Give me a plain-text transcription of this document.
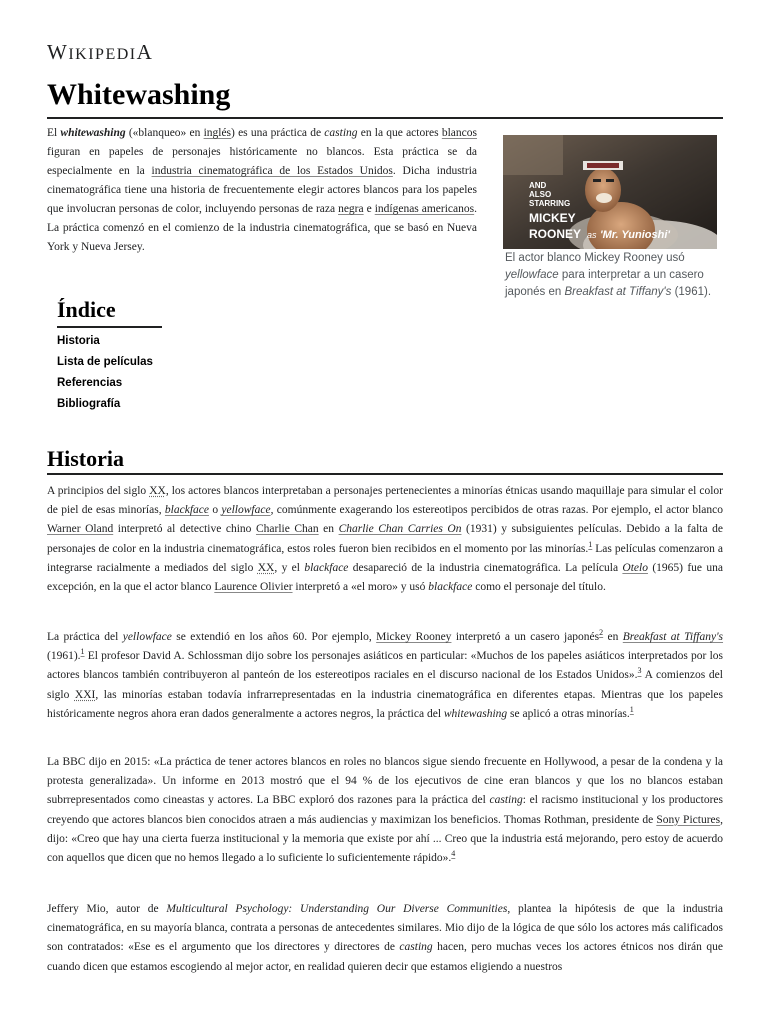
WIKIPEDIA
Whitewashing

El whitewashing («blanqueo» en inglés) es una práctica de casting en la que actores blancos figuran en papeles de personajes históricamente no blancos. Esta práctica se da especialmente en la industria cinematográfica de los Estados Unidos. Dicha industria cinematográfica tiene una historia de frecuentemente elegir actores blancos para los papeles que involucran personas de color, incluyendo personas de raza negra e indígenas americanos. La práctica comenzó en el comienzo de la industria cinematográfica, que se basó en Nueva York y Nueva Jersey.

AND
ALSO
STARRING
MICKEY
ROONEY as 'Mr. Yunioshi'

El actor blanco Mickey Rooney usó yellowface para interpretar a un casero japonés en Breakfast at Tiffany's (1961).

Índice
Historia
Lista de películas
Referencias
Bibliografía
Historia

A principios del siglo XX, los actores blancos interpretaban a personajes pertenecientes a minorías étnicas usando maquillaje para simular el color de piel de esas minorías, blackface o yellowface, comúnmente exagerando los estereotipos percibidos de otras razas. Por ejemplo, el actor blanco Warner Oland interpretó al detective chino Charlie Chan en Charlie Chan Carries On (1931) y subsiguientes películas. Debido a la falta de personajes de color en la industria cinematográfica, estos roles fueron bien recibidos en el momento por las minorías.$^1$ Las películas comenzaron a integrarse racialmente a mediados del siglo XX, y el blackface desapareció de la industria cinematográfica. La película Otelo (1965) fue una excepción, en la que el actor blanco Laurence Olivier interpretó a «el moro» y usó blackface como el personaje del título.

La práctica del yellowface se extendió en los años 60. Por ejemplo, Mickey Rooney interpretó a un casero japonés$^2$ en Breakfast at Tiffany's (1961).$^1$ El profesor David A. Schlossman dijo sobre los personajes asiáticos en particular: «Muchos de los papeles asiáticos interpretados por los actores blancos también contribuyeron al panteón de los estereotipos raciales en el discurso nacional de los Estados Unidos».$^3$ A comienzos del siglo XXI, las minorías estaban todavía infrarrepresentadas en la industria cinematográfica en diferentes etapas. Mientras que los papeles históricamente negros ahora eran dados generalmente a actores negros, la práctica del whitewashing se aplicó a otras minorías.$^1$

La BBC dijo en 2015: «La práctica de tener actores blancos en roles no blancos sigue siendo frecuente en Hollywood, a pesar de la condena y la protesta generalizada». Un informe en 2013 mostró que el 94 % de los ejecutivos de cine eran blancos y que los no blancos estaban subrrepresentados como cineastas y actores. La BBC exploró dos razones para la práctica del casting: el racismo institucional y los productores creyendo que actores blancos bien conocidos atraen a más audiencias y maximizan los beneficios. Thomas Rothman, presidente de Sony Pictures, dijo: «Creo que hay una cierta fuerza institucional y la memoria que existe por ahí ... Creo que la industria está mejorando, pero estoy de acuerdo con aquellos que dicen que no hemos llegado a lo suficiente lo suficientemente rápido».$^4$

Jeffery Mio, autor de Multicultural Psychology: Understanding Our Diverse Communities, plantea la hipótesis de que la industria cinematográfica, en su mayoría blanca, contrata a personas de antecedentes similares. Mio dijo de la lógica de que sólo los actores más calificados son contratados: «Ese es el argumento que los directores y directores de casting hacen, pero muchas veces los actores étnicos nos dirán que cuando dicen que estamos escogiendo al mejor actor, en realidad quieren decir que estamos eligiendo a nuestros
